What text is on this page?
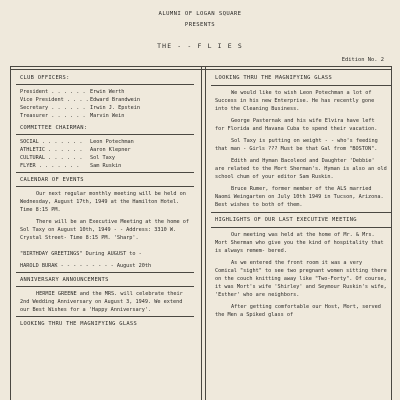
ALUMNI OF LOGAN SQUARE
PRESENTS
THE - - F L I E S
Edition No. 2
CLUB OFFICERS:
President . . . . . . Erwin Werth
Vice President . . . . Edward Brandwein
Secretary . . . . . . Irwin J. Epstein
Treasurer . . . . . . Marvin Wein
COMMITTEE CHAIRMAN:
SOCIAL . . . . . . .	Leon Potechman
ATHLETIC . . . . . .	Aaron Klepner
CULTURAL . . . . . .	Sol Taxy
FLYER . . . . . . .	Sam Ruskin
CALENDAR OF EVENTS

Our next regular monthly meeting will be held on Wednesday, August 17th, 1949 at the Hamilton Hotel. Time 8:15 PM.

There will be an Executive Meeting at the home of Sol Taxy on August 10th, 1949 - - Address: 3310 W. Crystal Street- Time 8:15 PM. 'Sharp'.

"BIRTHDAY GREETINGS" During AUGUST to -

HAROLD BURAK - - - - - - - - - August 20th

ANNIVERSARY ANNOUNCEMENTS

HERMIE GREENE and the MRS. will celebrate their 2nd Wedding Anniversary on August 3, 1949. We extend our Best Wishes for a 'Happy Anniversary'.

LOOKING THRU THE MAGNIFYING GLASS
LOOKING THRU THE MAGNIFYING GLASS

We would like to wish Leon Potechman a lot of Success in his new Enterprise. He has recently gone into the Cleaning Business.

George Pasternak and his wife Elvira have left for Florida and Havana Cuba to spend their vacation.

Sol Taxy is putting on weight - - who's feeding that man - Girls ??? Must be that Gal from "BOSTON".

Edith and Hyman Bacoleod and Daughter 'Debbie' are related to the Mort Sherman's. Hyman is also an old school chum of your editor Sam Ruskin.

Bruce Rumer, former member of the ALS married Naomi Weingarten on July 10th 1949 in Tucson, Arizona. Best wishes to both of them.

HIGHLIGHTS OF OUR LAST EXECUTIVE MEETING

Our meeting was held at the home of Mr. & Mrs. Mort Sherman who give you the kind of hospitality that is always remem- bered.

As we entered the front room it was a very Comical "sight" to see two pregnant women sitting there on the couch knitting away like "Two-Forty". Of course, it was Mort's wife 'Shirley' and Seymour Ruskin's wife, 'Esther' who are neighbors.

After getting comfortable our Host, Mort, served the Men a Spiked glass of
